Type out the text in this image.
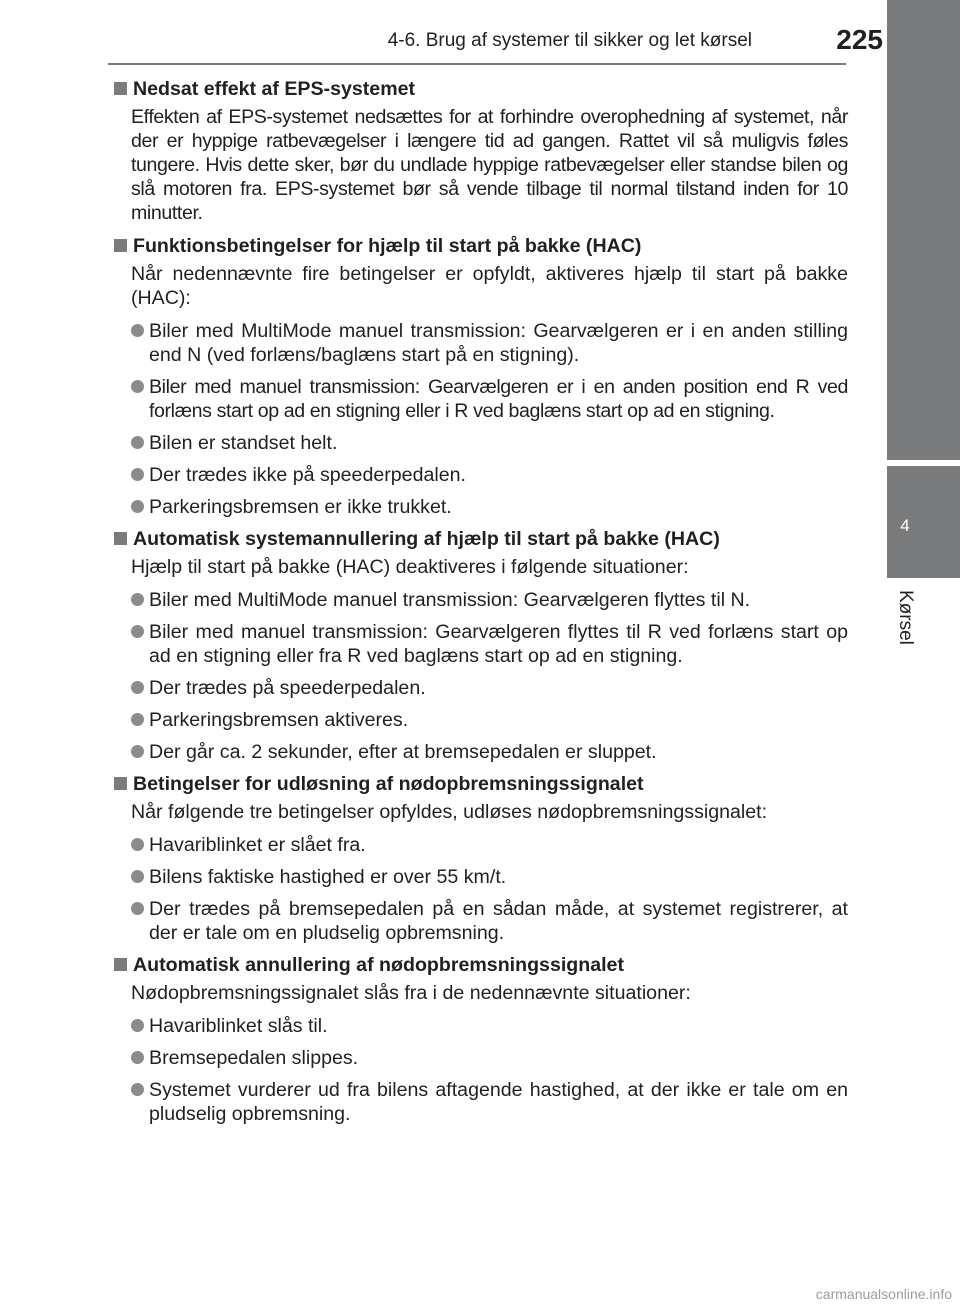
4-6. Brug af systemer til sikker og let kørsel	225
4
Kørsel
Nedsat effekt af EPS-systemet
Effekten af EPS-systemet nedsættes for at forhindre overophedning af systemet, når der er hyppige ratbevægelser i længere tid ad gangen. Rattet vil så muligvis føles tungere. Hvis dette sker, bør du undlade hyppige ratbevægelser eller standse bilen og slå motoren fra. EPS-systemet bør så vende tilbage til normal tilstand inden for 10 minutter.
Funktionsbetingelser for hjælp til start på bakke (HAC)
Når nedennævnte fire betingelser er opfyldt, aktiveres hjælp til start på bakke (HAC):
Biler med MultiMode manuel transmission: Gearvælgeren er i en anden stilling end N (ved forlæns/baglæns start på en stigning).
Biler med manuel transmission: Gearvælgeren er i en anden position end R ved forlæns start op ad en stigning eller i R ved baglæns start op ad en stigning.
Bilen er standset helt.
Der trædes ikke på speederpedalen.
Parkeringsbremsen er ikke trukket.
Automatisk systemannullering af hjælp til start på bakke (HAC)
Hjælp til start på bakke (HAC) deaktiveres i følgende situationer:
Biler med MultiMode manuel transmission: Gearvælgeren flyttes til N.
Biler med manuel transmission: Gearvælgeren flyttes til R ved forlæns start op ad en stigning eller fra R ved baglæns start op ad en stigning.
Der trædes på speederpedalen.
Parkeringsbremsen aktiveres.
Der går ca. 2 sekunder, efter at bremsepedalen er sluppet.
Betingelser for udløsning af nødopbremsningssignalet
Når følgende tre betingelser opfyldes, udløses nødopbremsningssignalet:
Havariblinket er slået fra.
Bilens faktiske hastighed er over 55 km/t.
Der trædes på bremsepedalen på en sådan måde, at systemet registrerer, at der er tale om en pludselig opbremsning.
Automatisk annullering af nødopbremsningssignalet
Nødopbremsningssignalet slås fra i de nedennævnte situationer:
Havariblinket slås til.
Bremsepedalen slippes.
Systemet vurderer ud fra bilens aftagende hastighed, at der ikke er tale om en pludselig opbremsning.
carmanualsonline.info
